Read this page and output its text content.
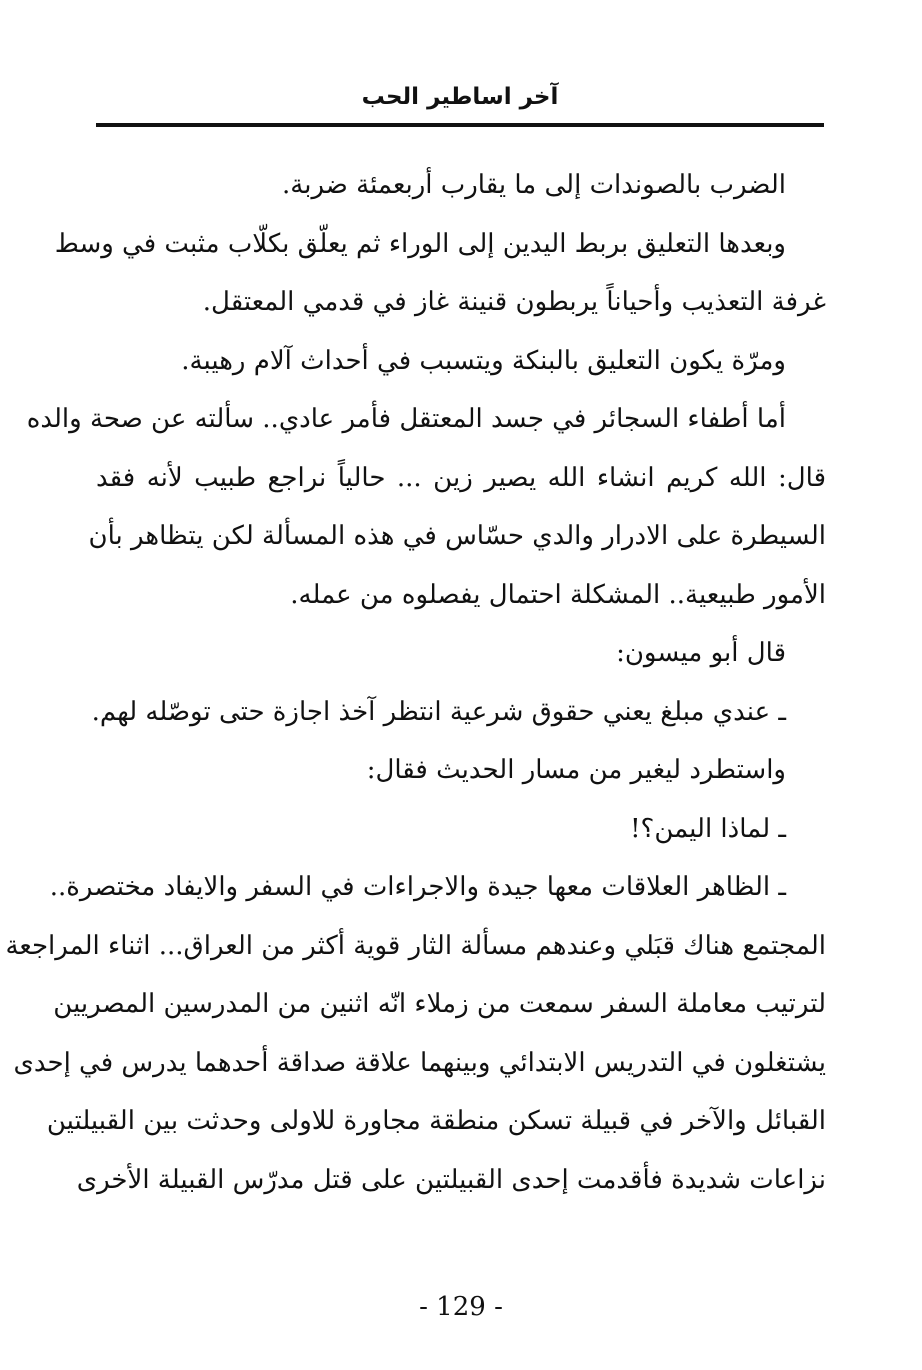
آخر اساطير الحب
الضرب بالصوندات إلى ما يقارب أربعمئة ضربة.
وبعدها التعليق بربط اليدين إلى الوراء ثم يعلّق بكلّاب مثبت في وسط
غرفة التعذيب وأحياناً يربطون قنينة غاز في قدمي المعتقل.
ومرّة يكون التعليق بالبنكة ويتسبب في أحداث آلام رهيبة.
أما أطفاء السجائر في جسد المعتقل فأمر عادي.. سألته عن صحة والده
قال: الله كريم انشاء الله يصير زين ... حالياً نراجع طبيب لأنه فقد
السيطرة على الادرار والدي حسّاس في هذه المسألة لكن يتظاهر بأن
الأمور طبيعية.. المشكلة احتمال يفصلوه من عمله.
قال أبو ميسون:
ـ عندي مبلغ يعني حقوق شرعية انتظر آخذ اجازة حتى توصّله لهم.
واستطرد ليغير من مسار الحديث فقال:
ـ لماذا اليمن؟!
ـ الظاهر العلاقات معها جيدة والاجراءات في السفر والايفاد مختصرة..
المجتمع هناك قبَلي وعندهم مسألة الثار قوية أكثر من العراق... اثناء المراجعة
لترتيب معاملة السفر سمعت من زملاء انّه اثنين من المدرسين المصريين
يشتغلون في التدريس الابتدائي وبينهما علاقة صداقة أحدهما يدرس في إحدى
القبائل والآخر في قبيلة تسكن منطقة مجاورة للاولى وحدثت بين القبيلتين
نزاعات شديدة فأقدمت إحدى القبيلتين على قتل مدرّس القبيلة الأخرى
- 129 -
